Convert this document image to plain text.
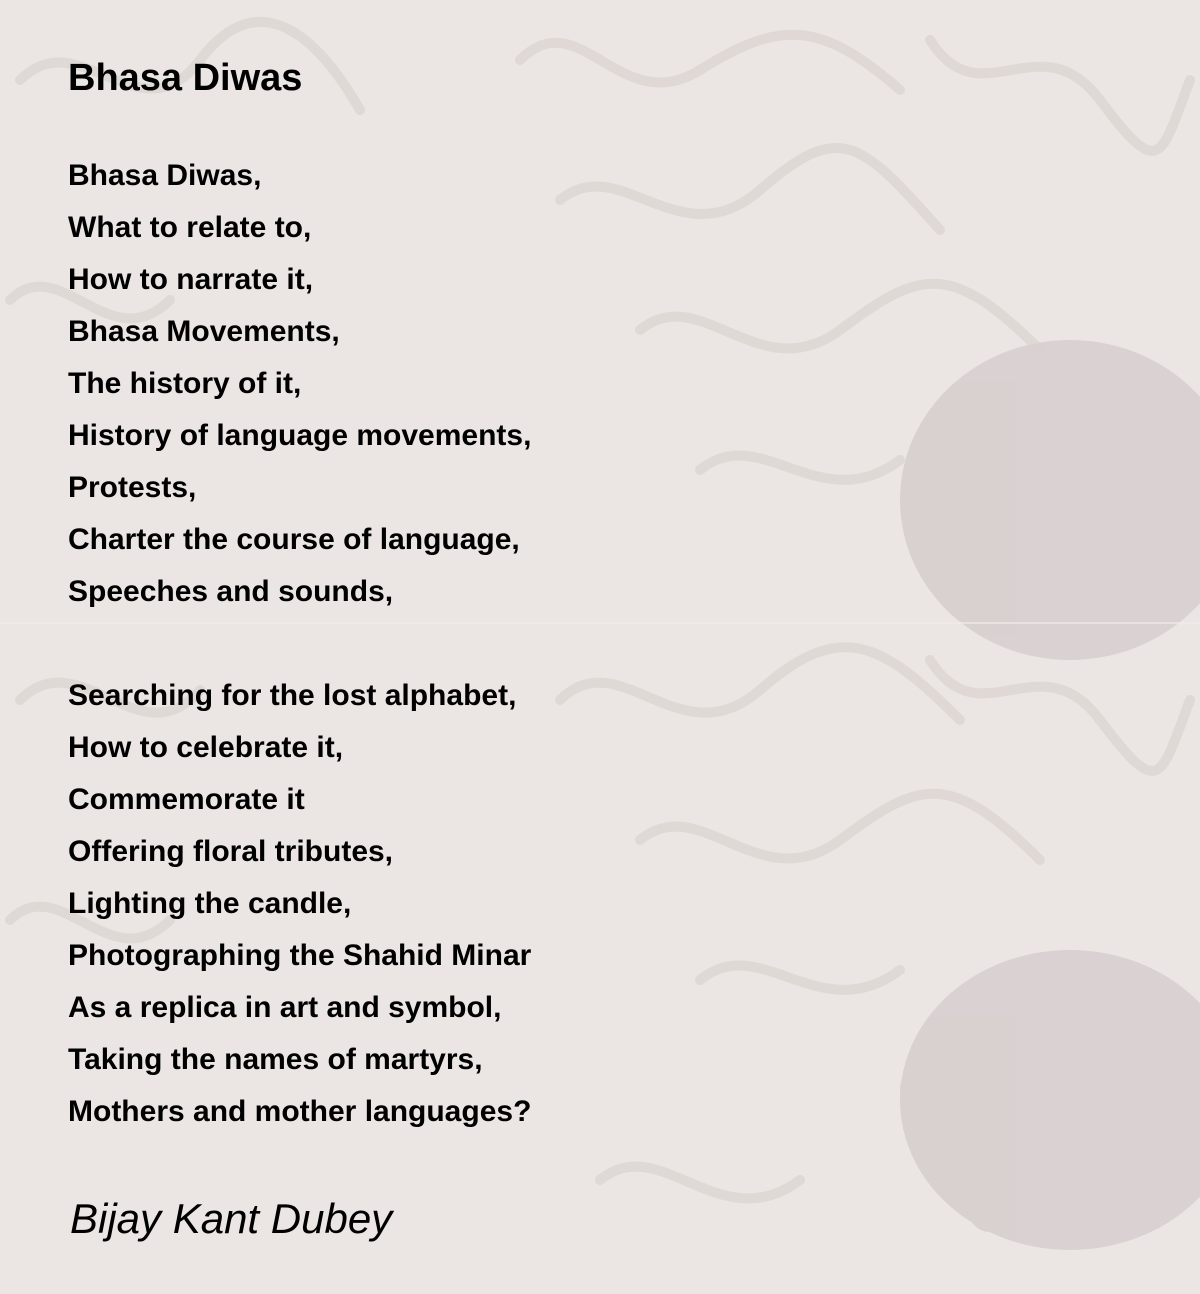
Bhasa Diwas
Bhasa Diwas,
What to relate to,
How to narrate it,
Bhasa Movements,
The history of it,
History of language movements,
Protests,
Charter the course of language,
Speeches and sounds,
Searching for the lost alphabet,
How to celebrate it,
Commemorate it
Offering floral tributes,
Lighting the candle,
Photographing the Shahid Minar
As a replica in art and symbol,
Taking the names of martyrs,
Mothers and mother languages?
Bijay Kant Dubey
